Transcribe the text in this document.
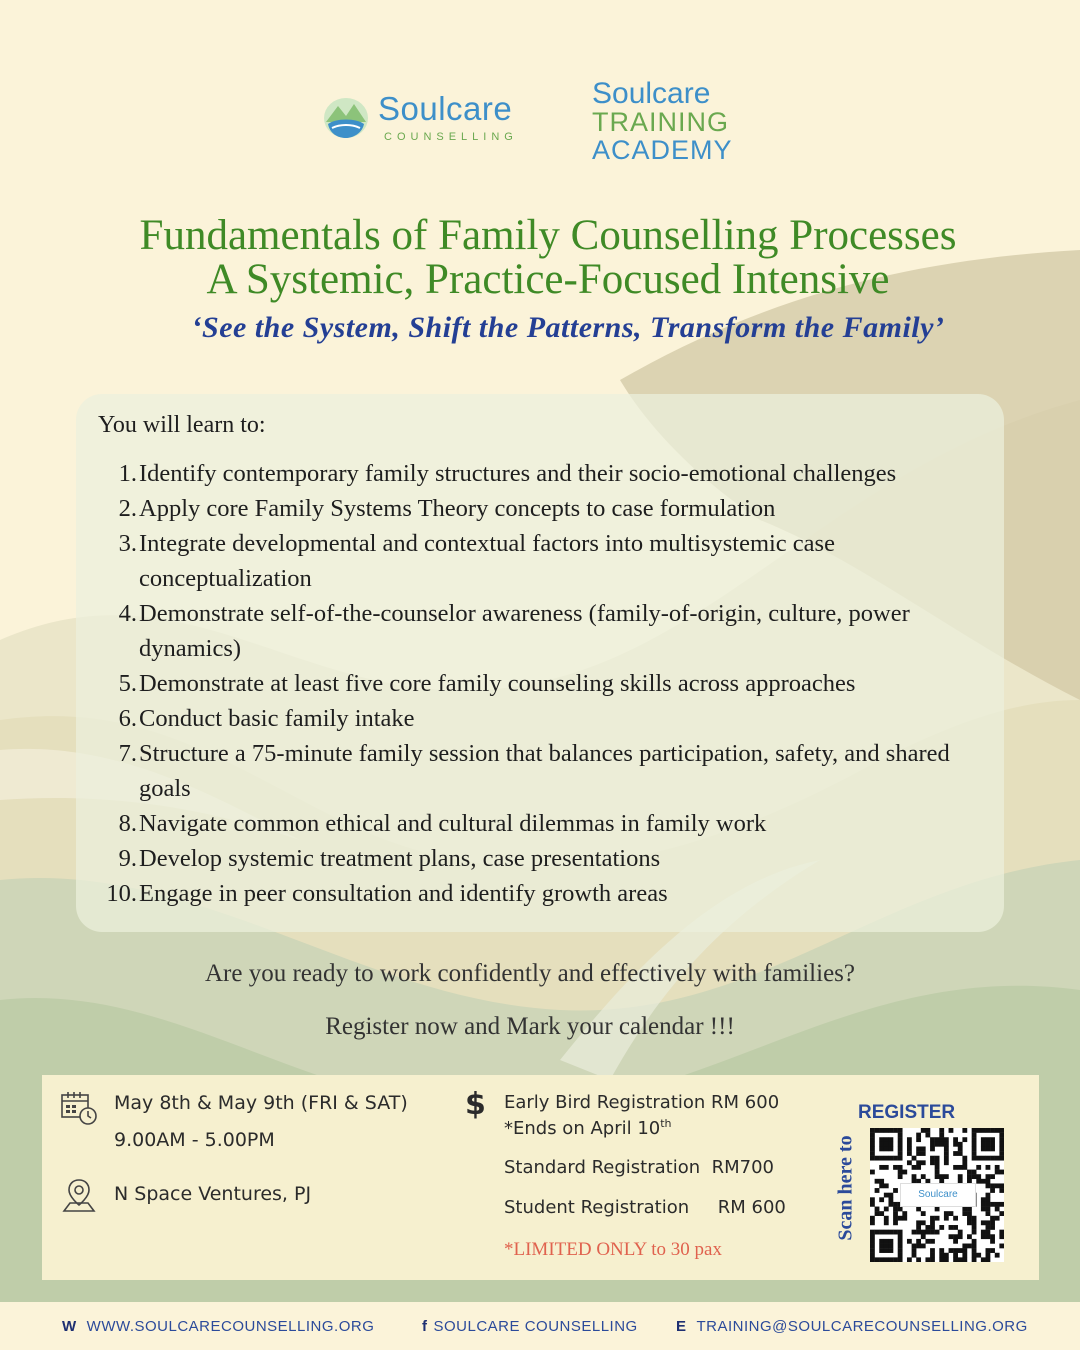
Soulcare
COUNSELLING
Soulcare
TRAINING
ACADEMY
Fundamentals of Family Counselling Processes
A Systemic, Practice-Focused Intensive
‘See the System, Shift the Patterns, Transform the Family’
You will learn to:
1. Identify contemporary family structures and their socio-emotional challenges
2. Apply core Family Systems Theory concepts to case formulation
3. Integrate developmental and contextual factors into multisystemic case conceptualization
4. Demonstrate self-of-the-counselor awareness (family-of-origin, culture, power dynamics)
5. Demonstrate at least five core family counseling skills across approaches
6. Conduct basic family intake
7. Structure a 75-minute family session that balances participation, safety, and shared goals
8. Navigate common ethical and cultural dilemmas in family work
9. Develop systemic treatment plans, case presentations
10. Engage in peer consultation and identify growth areas
Are you ready to work confidently and effectively with families?
Register now and Mark your calendar !!!
May 8th & May 9th (FRI & SAT)
9.00AM - 5.00PM
N Space Ventures, PJ
$ Early Bird Registration RM 600
*Ends on April 10th
Standard Registration  RM700
Student Registration     RM 600
*LIMITED ONLY to 30 pax
REGISTER
Scan here to	Soulcare
W WWW.SOULCARECOUNSELLING.ORG	f SOULCARE COUNSELLING	E TRAINING@SOULCARECOUNSELLING.ORG
